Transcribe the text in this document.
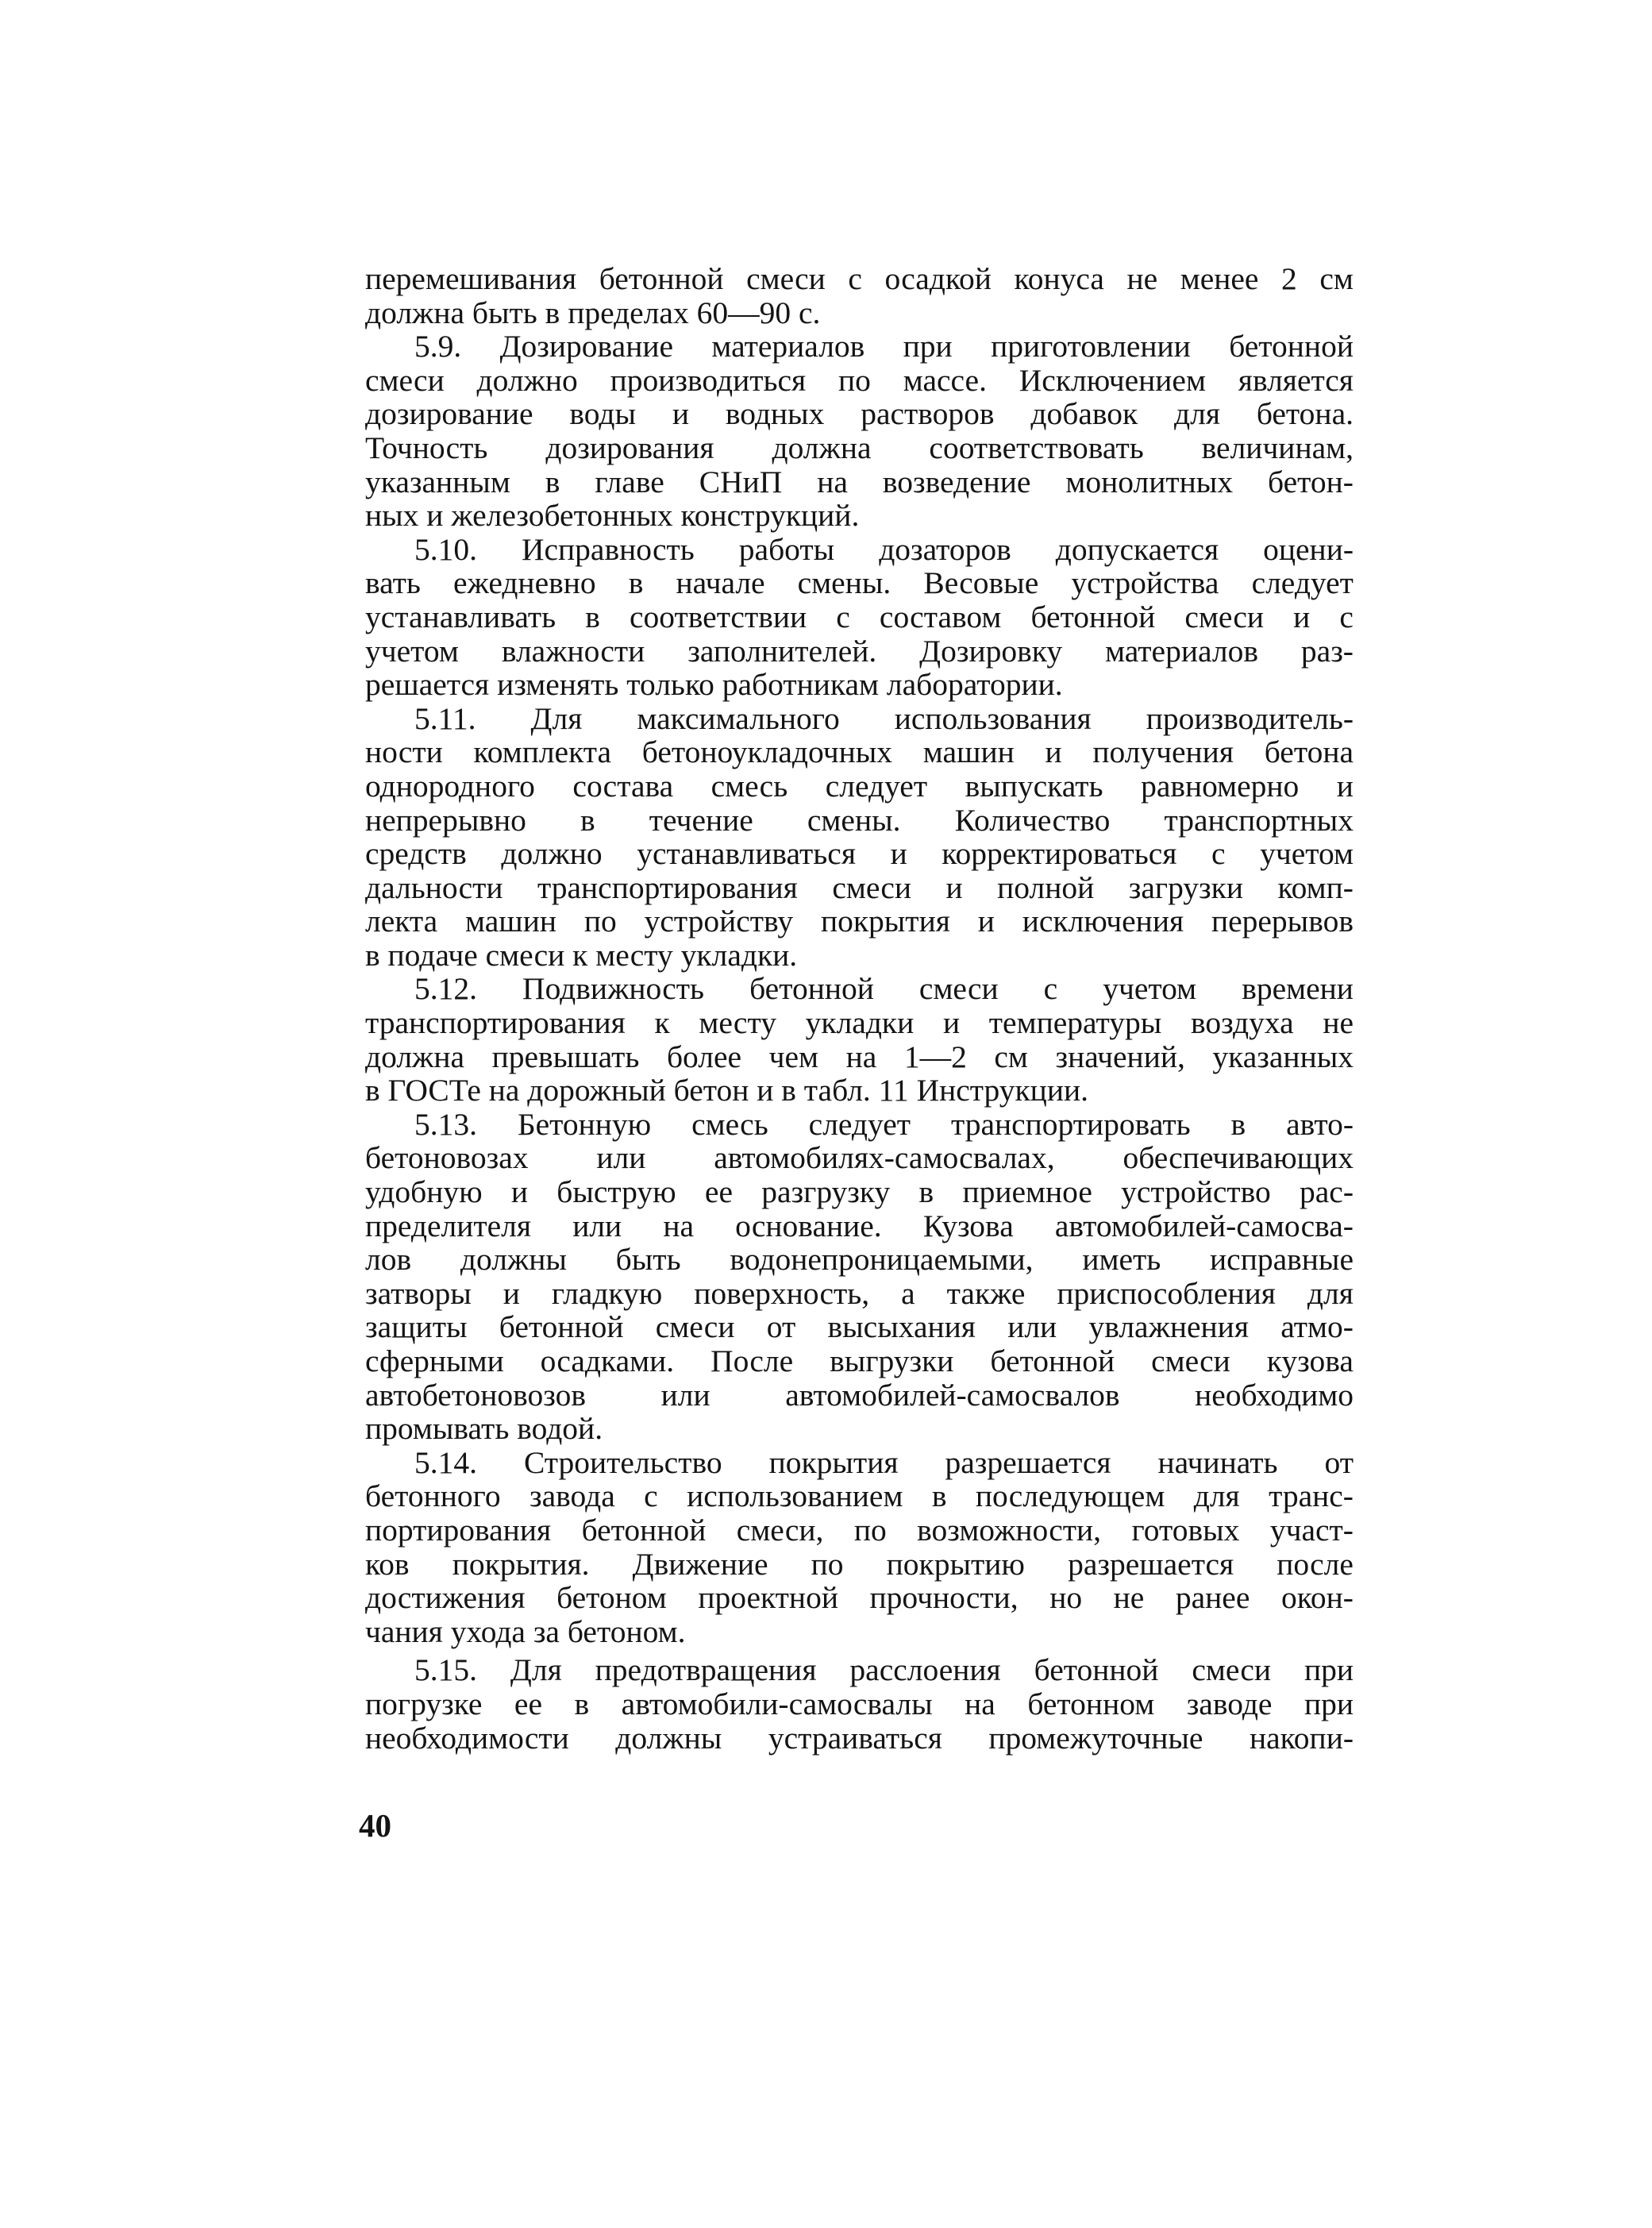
перемешивания бетонной смеси с осадкой конуса не менее 2 см
должна быть в пределах 60—90 с.
5.9. Дозирование материалов при приготовлении бетонной
смеси должно производиться по массе. Исключением является
дозирование воды и водных растворов добавок для бетона.
Точность дозирования должна соответствовать величинам,
указанным в главе СНиП на возведение монолитных бетон-
ных и железобетонных конструкций.
5.10. Исправность работы дозаторов допускается оцени-
вать ежедневно в начале смены. Весовые устройства следует
устанавливать в соответствии с составом бетонной смеси и с
учетом влажности заполнителей. Дозировку материалов раз-
решается изменять только работникам лаборатории.
5.11. Для максимального использования производитель-
ности комплекта бетоноукладочных машин и получения бетона
однородного состава смесь следует выпускать равномерно и
непрерывно в течение смены. Количество транспортных
средств должно устанавливаться и корректироваться с учетом
дальности транспортирования смеси и полной загрузки комп-
лекта машин по устройству покрытия и исключения перерывов
в подаче смеси к месту укладки.
5.12. Подвижность бетонной смеси с учетом времени
транспортирования к месту укладки и температуры воздуха не
должна превышать более чем на 1—2 см значений, указанных
в ГОСТе на дорожный бетон и в табл. 11 Инструкции.
5.13. Бетонную смесь следует транспортировать в авто-
бетоновозах или автомобилях-самосвалах, обеспечивающих
удобную и быструю ее разгрузку в приемное устройство рас-
пределителя или на основание. Кузова автомобилей-самосва-
лов должны быть водонепроницаемыми, иметь исправные
затворы и гладкую поверхность, а также приспособления для
защиты бетонной смеси от высыхания или увлажнения атмо-
сферными осадками. После выгрузки бетонной смеси кузова
автобетоновозов или автомобилей-самосвалов необходимо
промывать водой.
5.14. Строительство покрытия разрешается начинать от
бетонного завода с использованием в последующем для транс-
портирования бетонной смеси, по возможности, готовых участ-
ков покрытия. Движение по покрытию разрешается после
достижения бетоном проектной прочности, но не ранее окон-
чания ухода за бетоном.
5.15. Для предотвращения расслоения бетонной смеси при
погрузке ее в автомобили-самосвалы на бетонном заводе при
необходимости должны устраиваться промежуточные накопи-
40
